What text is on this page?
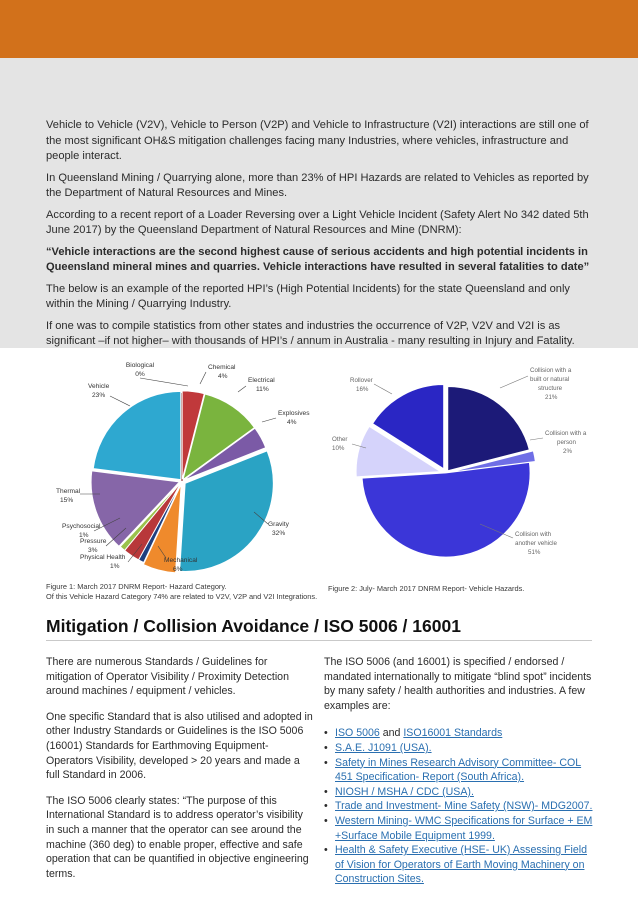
Vehicle to Vehicle (V2V), Vehicle to Person (V2P) and Vehicle to Infrastructure (V2I) interactions are still one of the most significant OH&S mitigation challenges facing many Industries, where vehicles, infrastructure and people interact.

In Queensland Mining / Quarrying alone, more than 23% of HPI Hazards are related to Vehicles as reported by the Department of Natural Resources and Mines.

According to a recent report of a Loader Reversing over a Light Vehicle Incident (Safety Alert No 342 dated 5th June 2017) by the Queensland Department of Natural Resources and Mine (DNRM):

“Vehicle interactions are the second highest cause of serious accidents and high potential incidents in Queensland mineral mines and quarries. Vehicle interactions have resulted in several fatalities to date”

The below is an example of the reported HPI’s (High Potential Incidents) for the state Queensland and only within the Mining / Quarrying Industry.

If one was to compile statistics from other states and industries the occurrence of V2P, V2V and V2I is as significant –if not higher– with thousands of HPI’s / annum in Australia - many resulting in Injury and Fatality.

Biological
0%
Chemical
4%
Electrical
11%
Explosives
4%
Vehicle
23%
Thermal
15%
Psychosocial
1%
Pressure
3%
Physical Health
1%
Mechanical
6%
Gravity
32%
Collision with a
built or natural
structure
21%
Collision with a
person
2%
Collision with
another vehicle
51%
Other
10%
Rollover
16%
Figure 1: March 2017 DNRM Report- Hazard Category.
Of this Vehicle Hazard Category 74% are related to V2V, V2P and V2I Integrations.
Figure 2: July- March 2017 DNRM Report- Vehicle Hazards.
Mitigation / Collision Avoidance / ISO 5006 / 16001

There are numerous Standards / Guidelines for mitigation of Operator Visibility / Proximity Detection around machines / equipment / vehicles.

One specific Standard that is also utilised and adopted in other Industry Standards or Guidelines is the ISO 5006 (16001) Standards for Earthmoving Equipment- Operators Visibility, developed > 20 years and made a full Standard in 2006.

The ISO 5006 clearly states: “The purpose of this International Standard is to address operator’s visibility in such a manner that the operator can see around the machine (360 deg) to enable proper, effective and safe operation that can be quantified in objective engineering terms.

The ISO 5006 (and 16001) is specified / endorsed / mandated internationally to mitigate “blind spot” incidents by many safety / health authorities and industries. A few examples are:

• ISO 5006 and ISO16001 Standards
• S.A.E. J1091 (USA).
• Safety in Mines Research Advisory Committee- COL 451 Specification- Report (South Africa).
• NIOSH / MSHA / CDC (USA).
• Trade and Investment- Mine Safety (NSW)- MDG2007.
• Western Mining- WMC Specifications for Surface + EM +Surface Mobile Equipment 1999.
• Health & Safety Executive (HSE- UK) Assessing Field of Vision for Operators of Earth Moving Machinery on Construction Sites.
